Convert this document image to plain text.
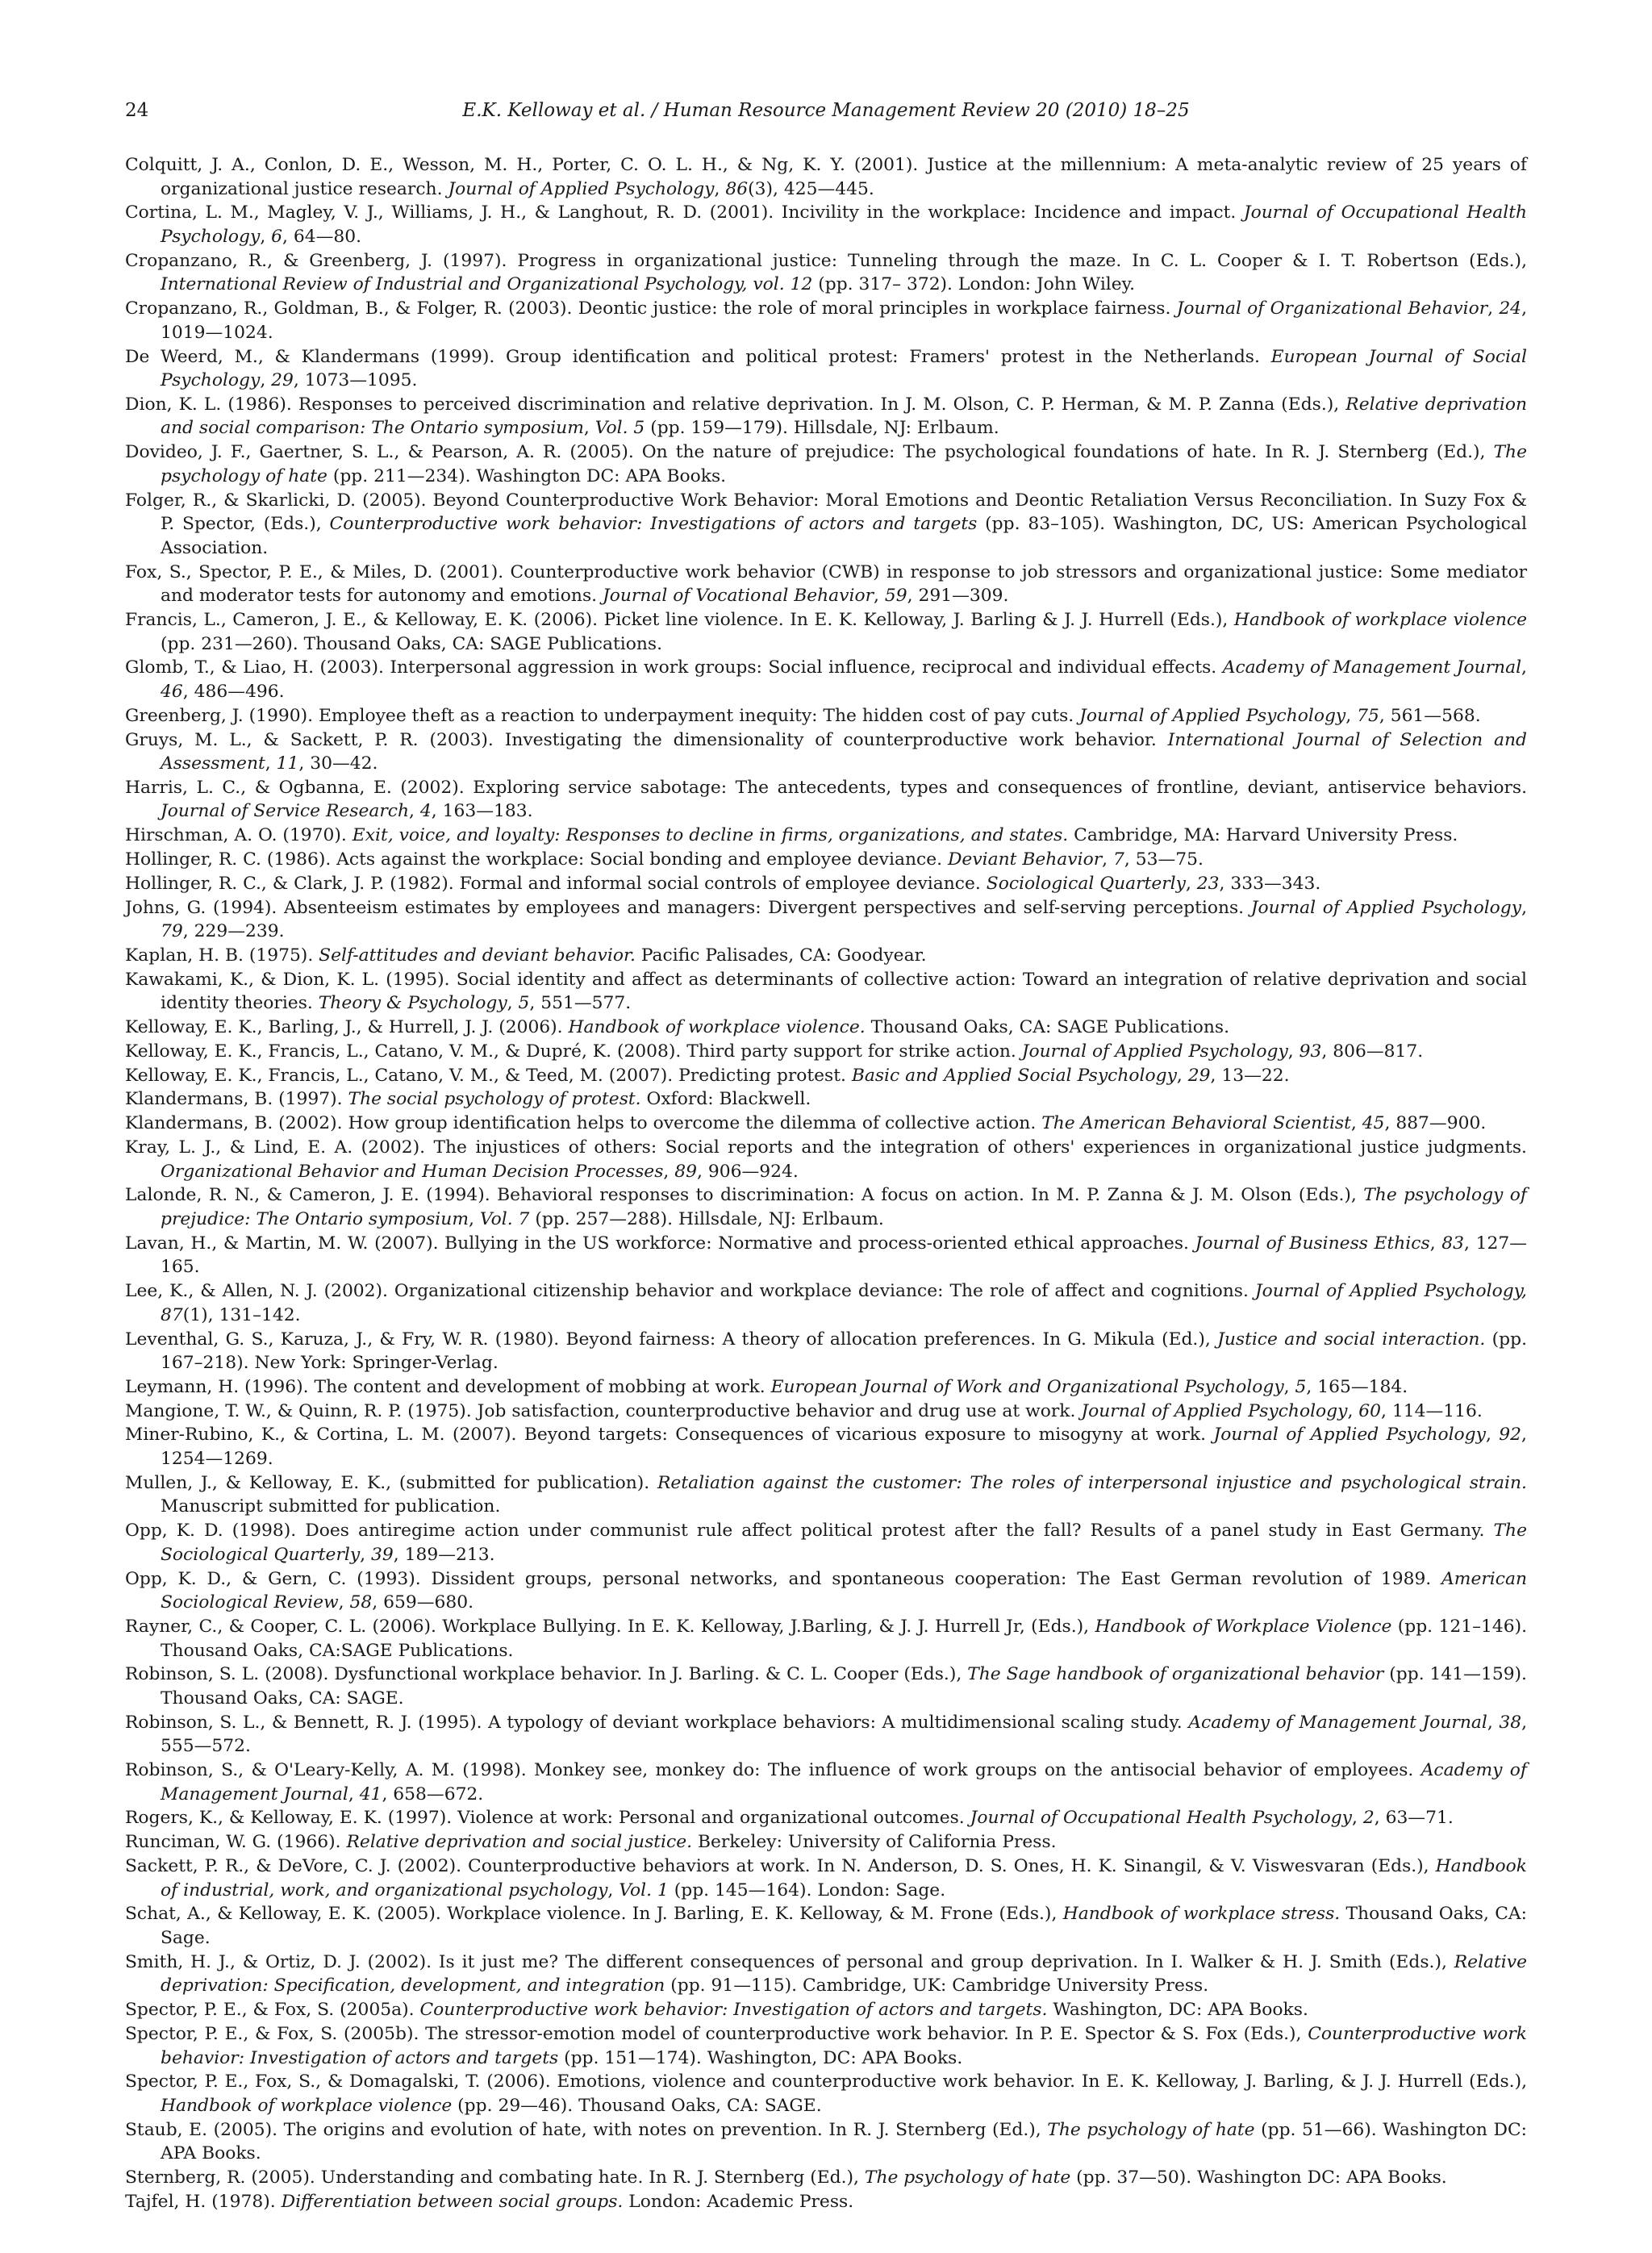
24	E.K. Kelloway et al. / Human Resource Management Review 20 (2010) 18–25
Colquitt, J. A., Conlon, D. E., Wesson, M. H., Porter, C. O. L. H., & Ng, K. Y. (2001). Justice at the millennium: A meta-analytic review of 25 years of organizational justice research. Journal of Applied Psychology, 86(3), 425—445.
Cortina, L. M., Magley, V. J., Williams, J. H., & Langhout, R. D. (2001). Incivility in the workplace: Incidence and impact. Journal of Occupational Health Psychology, 6, 64—80.
Cropanzano, R., & Greenberg, J. (1997). Progress in organizational justice: Tunneling through the maze. In C. L. Cooper & I. T. Robertson (Eds.), International Review of Industrial and Organizational Psychology, vol. 12 (pp. 317– 372). London: John Wiley.
Cropanzano, R., Goldman, B., & Folger, R. (2003). Deontic justice: the role of moral principles in workplace fairness. Journal of Organizational Behavior, 24, 1019—1024.
De Weerd, M., & Klandermans (1999). Group identification and political protest: Framers' protest in the Netherlands. European Journal of Social Psychology, 29, 1073—1095.
Dion, K. L. (1986). Responses to perceived discrimination and relative deprivation. In J. M. Olson, C. P. Herman, & M. P. Zanna (Eds.), Relative deprivation and social comparison: The Ontario symposium, Vol. 5 (pp. 159—179). Hillsdale, NJ: Erlbaum.
Dovideo, J. F., Gaertner, S. L., & Pearson, A. R. (2005). On the nature of prejudice: The psychological foundations of hate. In R. J. Sternberg (Ed.), The psychology of hate (pp. 211—234). Washington DC: APA Books.
Folger, R., & Skarlicki, D. (2005). Beyond Counterproductive Work Behavior: Moral Emotions and Deontic Retaliation Versus Reconciliation. In Suzy Fox & P. Spector, (Eds.), Counterproductive work behavior: Investigations of actors and targets (pp. 83–105). Washington, DC, US: American Psychological Association.
Fox, S., Spector, P. E., & Miles, D. (2001). Counterproductive work behavior (CWB) in response to job stressors and organizational justice: Some mediator and moderator tests for autonomy and emotions. Journal of Vocational Behavior, 59, 291—309.
Francis, L., Cameron, J. E., & Kelloway, E. K. (2006). Picket line violence. In E. K. Kelloway, J. Barling & J. J. Hurrell (Eds.), Handbook of workplace violence (pp. 231—260). Thousand Oaks, CA: SAGE Publications.
Glomb, T., & Liao, H. (2003). Interpersonal aggression in work groups: Social influence, reciprocal and individual effects. Academy of Management Journal, 46, 486—496.
Greenberg, J. (1990). Employee theft as a reaction to underpayment inequity: The hidden cost of pay cuts. Journal of Applied Psychology, 75, 561—568.
Gruys, M. L., & Sackett, P. R. (2003). Investigating the dimensionality of counterproductive work behavior. International Journal of Selection and Assessment, 11, 30—42.
Harris, L. C., & Ogbanna, E. (2002). Exploring service sabotage: The antecedents, types and consequences of frontline, deviant, antiservice behaviors. Journal of Service Research, 4, 163—183.
Hirschman, A. O. (1970). Exit, voice, and loyalty: Responses to decline in firms, organizations, and states. Cambridge, MA: Harvard University Press.
Hollinger, R. C. (1986). Acts against the workplace: Social bonding and employee deviance. Deviant Behavior, 7, 53—75.
Hollinger, R. C., & Clark, J. P. (1982). Formal and informal social controls of employee deviance. Sociological Quarterly, 23, 333—343.
Johns, G. (1994). Absenteeism estimates by employees and managers: Divergent perspectives and self-serving perceptions. Journal of Applied Psychology, 79, 229—239.
Kaplan, H. B. (1975). Self-attitudes and deviant behavior. Pacific Palisades, CA: Goodyear.
Kawakami, K., & Dion, K. L. (1995). Social identity and affect as determinants of collective action: Toward an integration of relative deprivation and social identity theories. Theory & Psychology, 5, 551—577.
Kelloway, E. K., Barling, J., & Hurrell, J. J. (2006). Handbook of workplace violence. Thousand Oaks, CA: SAGE Publications.
Kelloway, E. K., Francis, L., Catano, V. M., & Dupré, K. (2008). Third party support for strike action. Journal of Applied Psychology, 93, 806—817.
Kelloway, E. K., Francis, L., Catano, V. M., & Teed, M. (2007). Predicting protest. Basic and Applied Social Psychology, 29, 13—22.
Klandermans, B. (1997). The social psychology of protest. Oxford: Blackwell.
Klandermans, B. (2002). How group identification helps to overcome the dilemma of collective action. The American Behavioral Scientist, 45, 887—900.
Kray, L. J., & Lind, E. A. (2002). The injustices of others: Social reports and the integration of others' experiences in organizational justice judgments. Organizational Behavior and Human Decision Processes, 89, 906—924.
Lalonde, R. N., & Cameron, J. E. (1994). Behavioral responses to discrimination: A focus on action. In M. P. Zanna & J. M. Olson (Eds.), The psychology of prejudice: The Ontario symposium, Vol. 7 (pp. 257—288). Hillsdale, NJ: Erlbaum.
Lavan, H., & Martin, M. W. (2007). Bullying in the US workforce: Normative and process-oriented ethical approaches. Journal of Business Ethics, 83, 127—165.
Lee, K., & Allen, N. J. (2002). Organizational citizenship behavior and workplace deviance: The role of affect and cognitions. Journal of Applied Psychology, 87(1), 131–142.
Leventhal, G. S., Karuza, J., & Fry, W. R. (1980). Beyond fairness: A theory of allocation preferences. In G. Mikula (Ed.), Justice and social interaction. (pp. 167–218). New York: Springer-Verlag.
Leymann, H. (1996). The content and development of mobbing at work. European Journal of Work and Organizational Psychology, 5, 165—184.
Mangione, T. W., & Quinn, R. P. (1975). Job satisfaction, counterproductive behavior and drug use at work. Journal of Applied Psychology, 60, 114—116.
Miner-Rubino, K., & Cortina, L. M. (2007). Beyond targets: Consequences of vicarious exposure to misogyny at work. Journal of Applied Psychology, 92, 1254—1269.
Mullen, J., & Kelloway, E. K., (submitted for publication). Retaliation against the customer: The roles of interpersonal injustice and psychological strain. Manuscript submitted for publication.
Opp, K. D. (1998). Does antiregime action under communist rule affect political protest after the fall? Results of a panel study in East Germany. The Sociological Quarterly, 39, 189—213.
Opp, K. D., & Gern, C. (1993). Dissident groups, personal networks, and spontaneous cooperation: The East German revolution of 1989. American Sociological Review, 58, 659—680.
Rayner, C., & Cooper, C. L. (2006). Workplace Bullying. In E. K. Kelloway, J.Barling, & J. J. Hurrell Jr, (Eds.), Handbook of Workplace Violence (pp. 121–146). Thousand Oaks, CA:SAGE Publications.
Robinson, S. L. (2008). Dysfunctional workplace behavior. In J. Barling. & C. L. Cooper (Eds.), The Sage handbook of organizational behavior (pp. 141—159). Thousand Oaks, CA: SAGE.
Robinson, S. L., & Bennett, R. J. (1995). A typology of deviant workplace behaviors: A multidimensional scaling study. Academy of Management Journal, 38, 555—572.
Robinson, S., & O'Leary-Kelly, A. M. (1998). Monkey see, monkey do: The influence of work groups on the antisocial behavior of employees. Academy of Management Journal, 41, 658—672.
Rogers, K., & Kelloway, E. K. (1997). Violence at work: Personal and organizational outcomes. Journal of Occupational Health Psychology, 2, 63—71.
Runciman, W. G. (1966). Relative deprivation and social justice. Berkeley: University of California Press.
Sackett, P. R., & DeVore, C. J. (2002). Counterproductive behaviors at work. In N. Anderson, D. S. Ones, H. K. Sinangil, & V. Viswesvaran (Eds.), Handbook of industrial, work, and organizational psychology, Vol. 1 (pp. 145—164). London: Sage.
Schat, A., & Kelloway, E. K. (2005). Workplace violence. In J. Barling, E. K. Kelloway, & M. Frone (Eds.), Handbook of workplace stress. Thousand Oaks, CA: Sage.
Smith, H. J., & Ortiz, D. J. (2002). Is it just me? The different consequences of personal and group deprivation. In I. Walker & H. J. Smith (Eds.), Relative deprivation: Specification, development, and integration (pp. 91—115). Cambridge, UK: Cambridge University Press.
Spector, P. E., & Fox, S. (2005a). Counterproductive work behavior: Investigation of actors and targets. Washington, DC: APA Books.
Spector, P. E., & Fox, S. (2005b). The stressor-emotion model of counterproductive work behavior. In P. E. Spector & S. Fox (Eds.), Counterproductive work behavior: Investigation of actors and targets (pp. 151—174). Washington, DC: APA Books.
Spector, P. E., Fox, S., & Domagalski, T. (2006). Emotions, violence and counterproductive work behavior. In E. K. Kelloway, J. Barling, & J. J. Hurrell (Eds.), Handbook of workplace violence (pp. 29—46). Thousand Oaks, CA: SAGE.
Staub, E. (2005). The origins and evolution of hate, with notes on prevention. In R. J. Sternberg (Ed.), The psychology of hate (pp. 51—66). Washington DC: APA Books.
Sternberg, R. (2005). Understanding and combating hate. In R. J. Sternberg (Ed.), The psychology of hate (pp. 37—50). Washington DC: APA Books.
Tajfel, H. (1978). Differentiation between social groups. London: Academic Press.
